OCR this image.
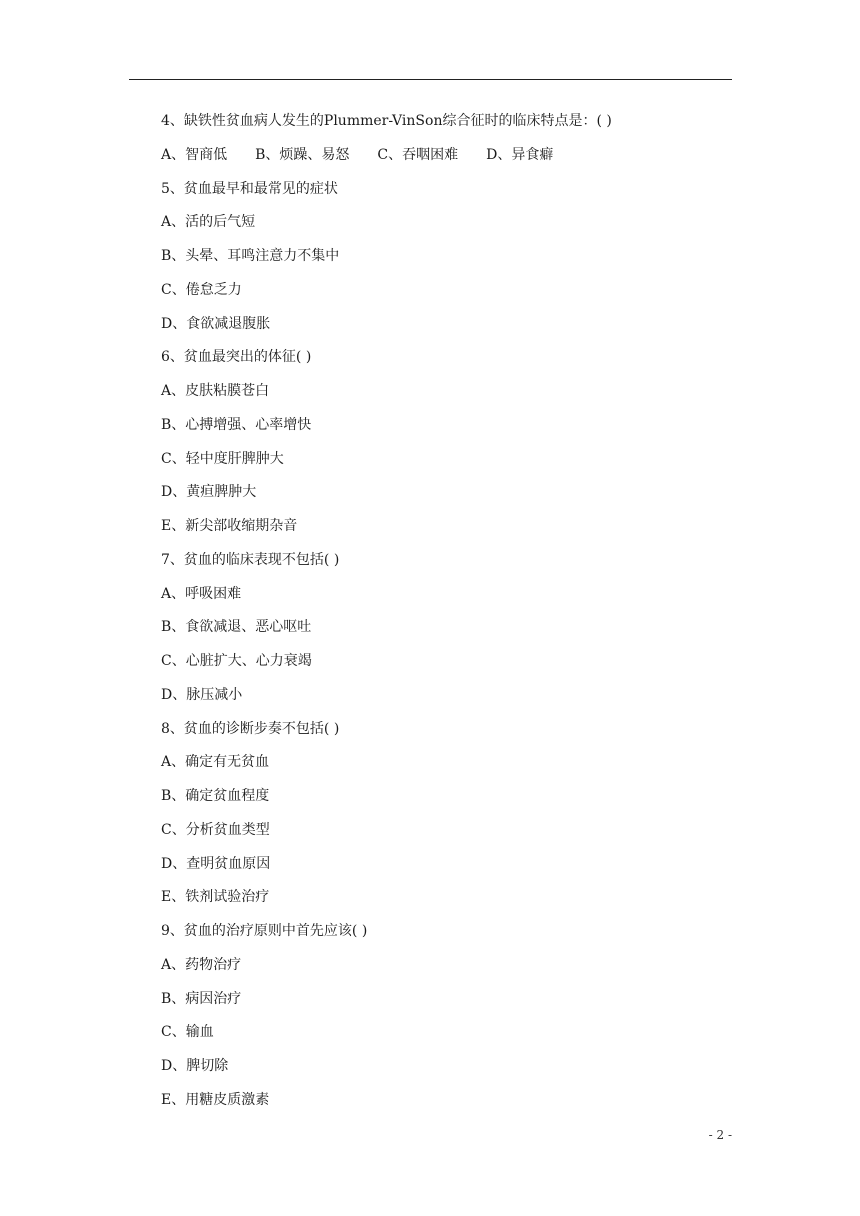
4、缺铁性贫血病人发生的Plummer-VinSon综合征时的临床特点是：( )
A、智商低 B、烦躁、易怒 C、吞咽困难 D、异食癖
5、贫血最早和最常见的症状
A、活的后气短
B、头晕、耳鸣注意力不集中
C、倦怠乏力
D、食欲减退腹胀
6、贫血最突出的体征( )
A、皮肤粘膜苍白
B、心搏增强、心率增快
C、轻中度肝脾肿大
D、黄疸脾肿大
E、新尖部收缩期杂音
7、贫血的临床表现不包括( )
A、呼吸困难
B、食欲减退、恶心呕吐
C、心脏扩大、心力衰竭
D、脉压减小
8、贫血的诊断步奏不包括( )
A、确定有无贫血
B、确定贫血程度
C、分析贫血类型
D、查明贫血原因
E、铁剂试验治疗
9、贫血的治疗原则中首先应该( )
A、药物治疗
B、病因治疗
C、输血
D、脾切除
E、用糖皮质激素
- 2 -
